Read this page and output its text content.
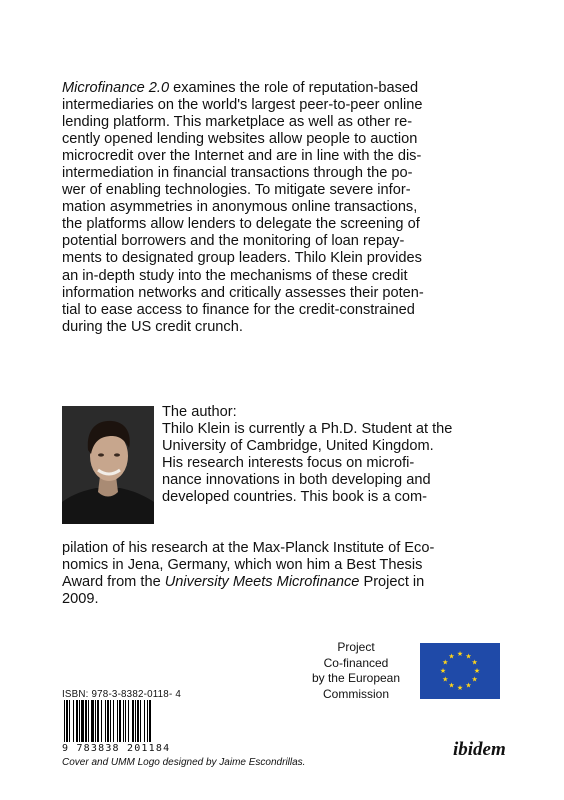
Microfinance 2.0 examines the role of reputation-based
intermediaries on the world's largest peer-to-peer online
lending platform. This marketplace as well as other re-
cently opened lending websites allow people to auction
microcredit over the Internet and are in line with the dis-
intermediation in financial transactions through the po-
wer of enabling technologies. To mitigate severe infor-
mation asymmetries in anonymous online transactions,
the platforms allow lenders to delegate the screening of
potential borrowers and the monitoring of loan repay-
ments to designated group leaders. Thilo Klein provides
an in-depth study into the mechanisms of these credit
information networks and critically assesses their poten-
tial to ease access to finance for the credit-constrained
during the US credit crunch.
The author:
Thilo Klein is currently a Ph.D. Student at the
University of Cambridge, United Kingdom.
His research interests focus on microfi-
nance innovations in both developing and
developed countries. This book is a com-
pilation of his research at the Max-Planck Institute of Eco-
nomics in Jena, Germany, which won him a Best Thesis
Award from the University Meets Microfinance Project in
2009.
Project
Co-financed
by the European
Commission
★ ★
★
★
★
★
★
★
★
★
★
★
ISBN: 978-3-8382-0118- 4
9 783838 201184	ibidem
Cover and UMM Logo designed by Jaime Escondrillas.
